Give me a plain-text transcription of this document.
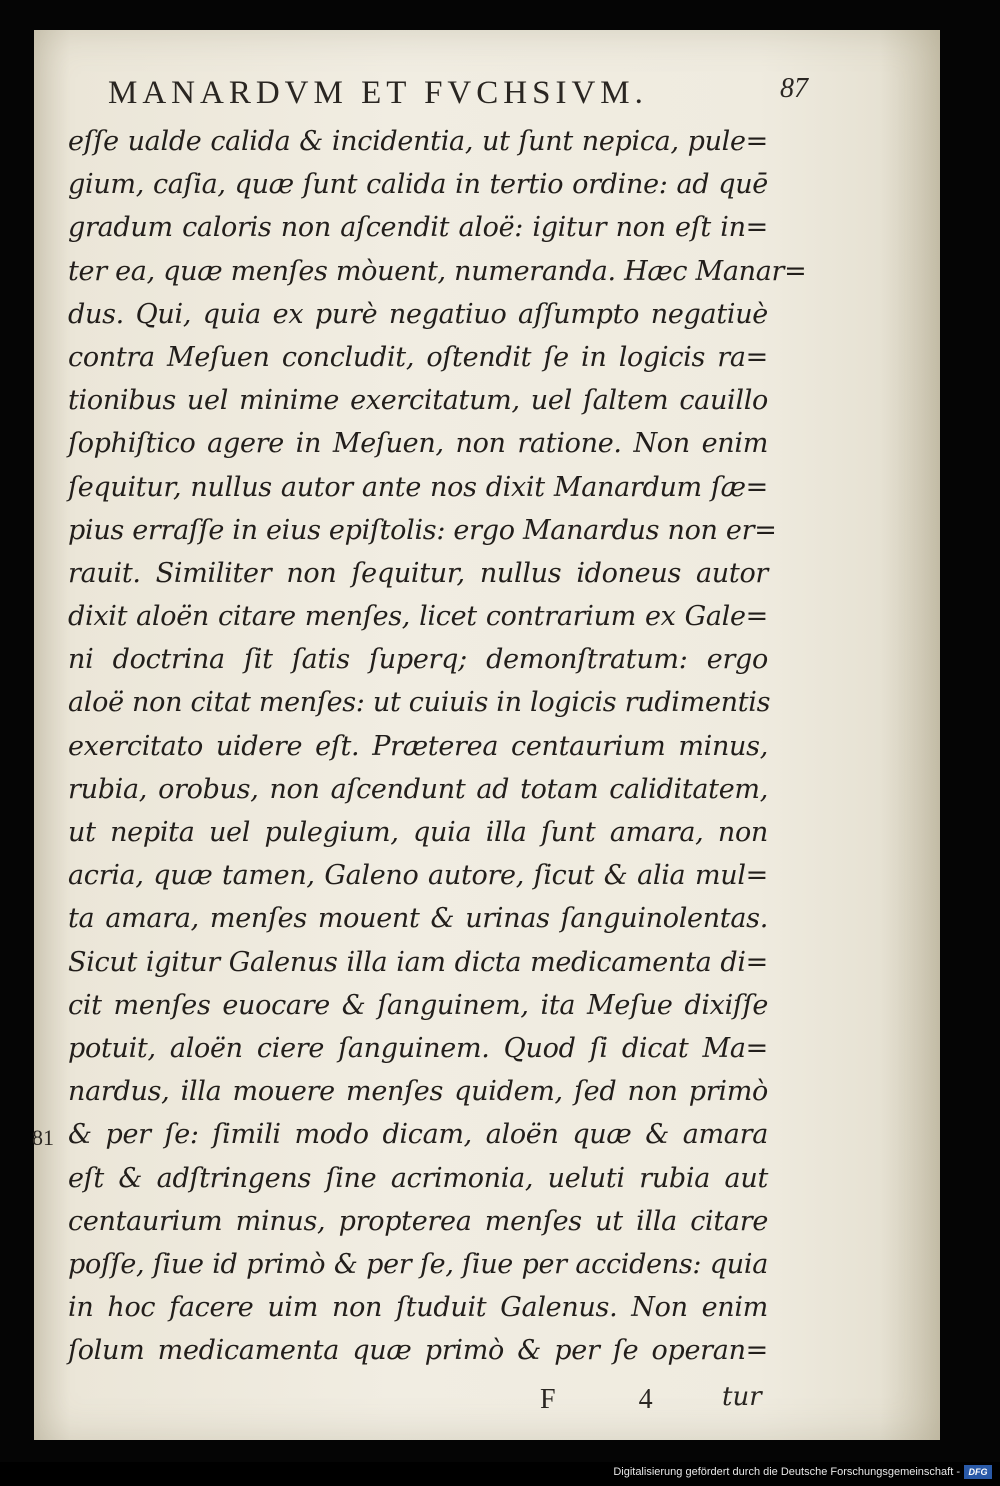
MANARDVM ET FVCHSIVM.	87
eſſe ualde calida & incidentia, ut ſunt nepica, pule=
gium, caſia, quæ ſunt calida in tertio ordine: ad quē
gradum caloris non aſcendit aloë: igitur non eſt in=
ter ea, quæ menſes mòuent, numeranda. Hæc Manar=
dus. Qui, quia ex purè negatiuo aſſumpto negatiuè
contra Meſuen concludit, oſtendit ſe in logicis ra=
tionibus uel minime exercitatum, uel ſaltem cauillo
ſophiſtico agere in Meſuen, non ratione. Non enim
ſequitur, nullus autor ante nos dixit Manardum ſæ=
pius erraſſe in eius epiſtolis: ergo Manardus non er=
rauit. Similiter non ſequitur, nullus idoneus autor
dixit aloën citare menſes, licet contrarium ex Gale=
ni doctrina ſit ſatis ſuperq; demonſtratum: ergo
aloë non citat menſes: ut cuiuis in logicis rudimentis
exercitato uidere eſt. Præterea centaurium minus,
rubia, orobus, non aſcendunt ad totam caliditatem,
ut nepita uel pulegium, quia illa ſunt amara, non
acria, quæ tamen, Galeno autore, ſicut & alia mul=
ta amara, menſes mouent & urinas ſanguinolentas.
Sicut igitur Galenus illa iam dicta medicamenta di=
cit menſes euocare & ſanguinem, ita Meſue dixiſſe
potuit, aloën ciere ſanguinem. Quod ſi dicat Ma=
nardus, illa mouere menſes quidem, ſed non primò
& per ſe: ſimili modo dicam, aloën quæ & amara
eſt & adſtringens ſine acrimonia, ueluti rubia aut
centaurium minus, propterea menſes ut illa citare
poſſe, ſiue id primò & per ſe, ſiue per accidens: quia
in hoc facere uim non ſtuduit Galenus. Non enim
ſolum medicamenta quæ primò & per ſe operan=
81
F 4 tur
Digitalisierung gefördert durch die Deutsche Forschungsgemeinschaft - DFG
